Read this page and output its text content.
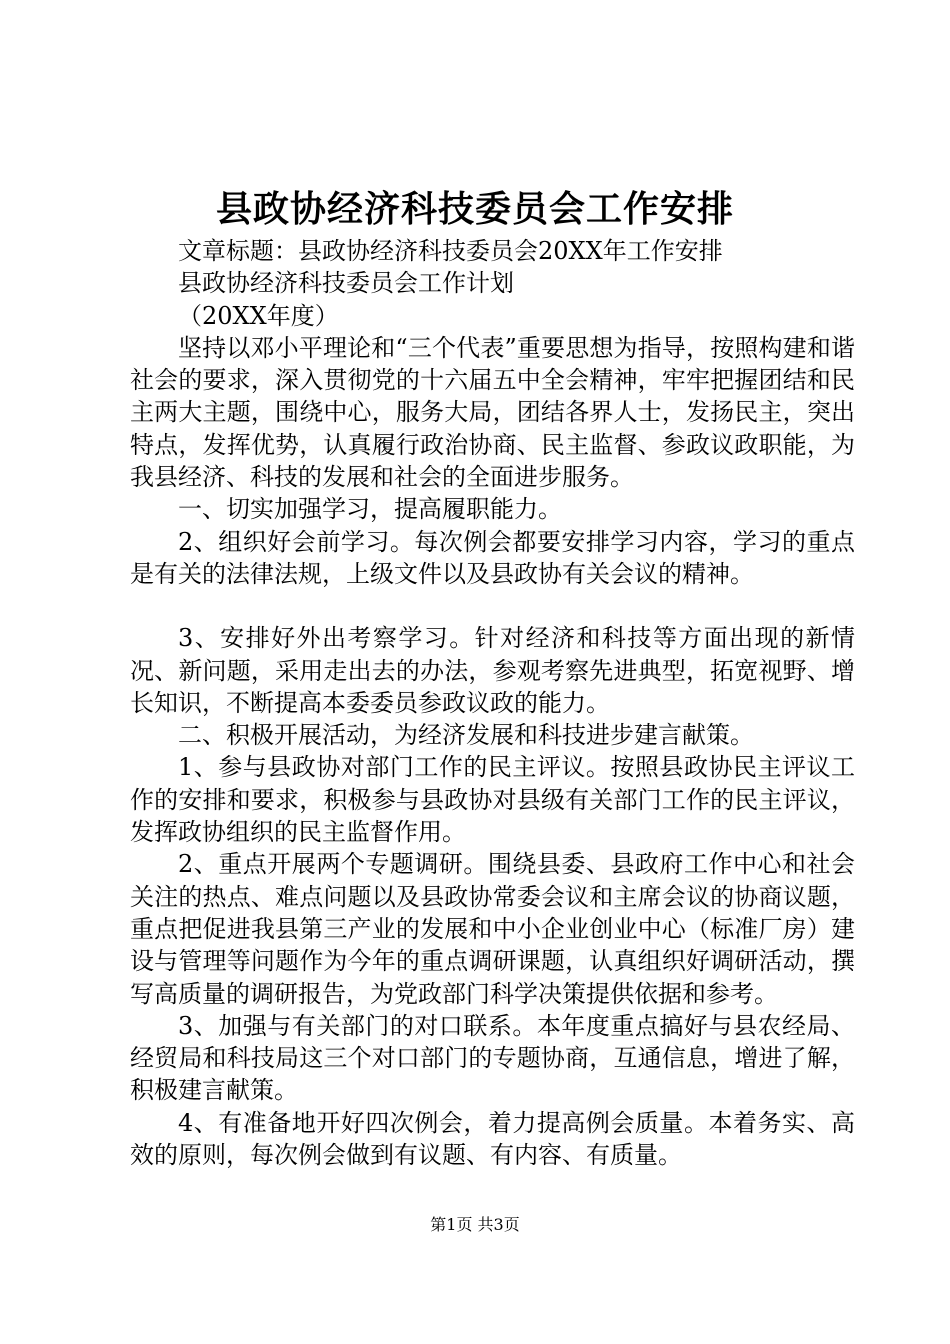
县政协经济科技委员会工作安排

文章标题：县政协经济科技委员会20XX年工作安排

县政协经济科技委员会工作计划

（20XX年度）

坚持以邓小平理论和“三个代表”重要思想为指导，按照构建和谐社会的要求，深入贯彻党的十六届五中全会精神，牢牢把握团结和民主两大主题，围绕中心，服务大局，团结各界人士，发扬民主，突出特点，发挥优势，认真履行政治协商、民主监督、参政议政职能，为我县经济、科技的发展和社会的全面进步服务。

一、切实加强学习，提高履职能力。

2、组织好会前学习。每次例会都要安排学习内容，学习的重点是有关的法律法规，上级文件以及县政协有关会议的精神。

3、安排好外出考察学习。针对经济和科技等方面出现的新情况、新问题，采用走出去的办法，参观考察先进典型，拓宽视野、增长知识，不断提高本委委员参政议政的能力。

二、积极开展活动，为经济发展和科技进步建言献策。

1、参与县政协对部门工作的民主评议。按照县政协民主评议工作的安排和要求，积极参与县政协对县级有关部门工作的民主评议，发挥政协组织的民主监督作用。

2、重点开展两个专题调研。围绕县委、县政府工作中心和社会关注的热点、难点问题以及县政协常委会议和主席会议的协商议题，重点把促进我县第三产业的发展和中小企业创业中心（标准厂房）建设与管理等问题作为今年的重点调研课题，认真组织好调研活动，撰写高质量的调研报告，为党政部门科学决策提供依据和参考。

3、加强与有关部门的对口联系。本年度重点搞好与县农经局、经贸局和科技局这三个对口部门的专题协商，互通信息，增进了解，积极建言献策。

4、有准备地开好四次例会，着力提高例会质量。本着务实、高效的原则，每次例会做到有议题、有内容、有质量。

第1页 共3页
